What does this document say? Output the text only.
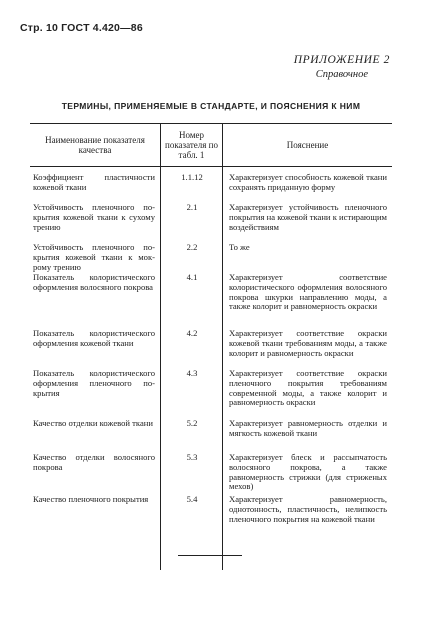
Стр. 10 ГОСТ 4.420—86
ПРИЛОЖЕНИЕ 2
Справочное
ТЕРМИНЫ, ПРИМЕНЯЕМЫЕ В СТАНДАРТЕ, И ПОЯСНЕНИЯ К НИМ
Наименование показателя качества
Номер показателя по табл. 1
Пояснение
Коэффициент пластичности кожевой ткани
Устойчивость пленочного покрытия кожевой ткани к сухому трению
Устойчивость пленочного покрытия кожевой ткани к мокрому трению
Показатель колористического оформления волосяного покрова
Показатель колористического оформления кожевой ткани
Показатель колористического оформления пленочного покрытия
Качество отделки кожевой ткани
Качество отделки волосяного покрова
Качество пленочного покрытия
1.1.12
2.1
2.2
4.1
4.2
4.3
5.2
5.3
5.4
Характеризует способность кожевой ткани сохранять приданную форму
Характеризует устойчивость пленочного покрытия на кожевой ткани к истирающим воздействиям
То же
Характеризует соответствие колористического оформления волосяного покрова шкурки направлению моды, а также колорит и равномерность окраски
Характеризует соответствие окраски кожевой ткани требованиям моды, а также колорит и равномерность окраски
Характеризует соответствие окраски пленочного покрытия требованиям современной моды, а также колорит и равномерность окраски
Характеризует равномерность отделки и мягкость кожевой ткани
Характеризует блеск и рассыпчатость волосяного покрова, а также равномерность стрижки (для стриженых мехов)
Характеризует равномерность, однотонность, пластичность, нелипкость пленочного покрытия на кожевой ткани
